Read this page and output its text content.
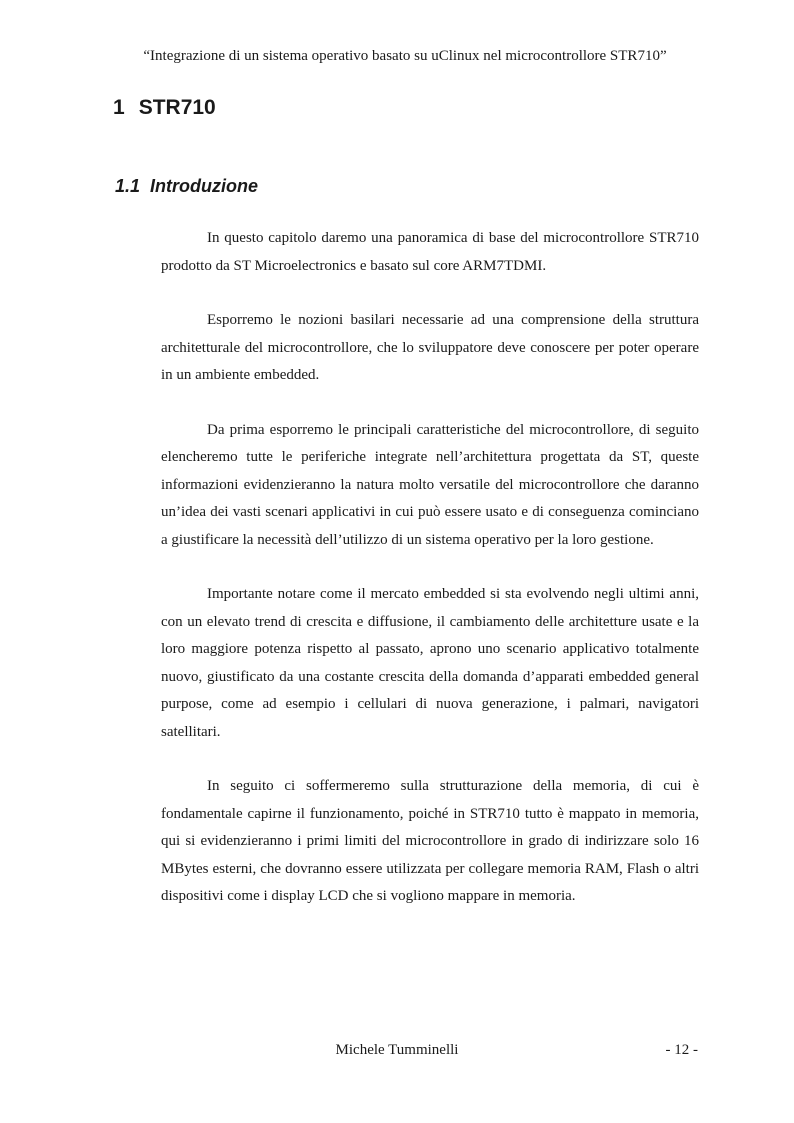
“Integrazione di un sistema operativo basato su uClinux nel microcontrollore STR710”
1 STR710
1.1 Introduzione

In questo capitolo daremo una panoramica di base del microcontrollore STR710 prodotto da ST Microelectronics e basato sul core ARM7TDMI.

Esporremo le nozioni basilari necessarie ad una comprensione della struttura architetturale del microcontrollore, che lo sviluppatore deve conoscere per poter operare in un ambiente embedded.

Da prima esporremo le principali caratteristiche del microcontrollore, di seguito elencheremo tutte le periferiche integrate nell’architettura progettata da ST, queste informazioni evidenzieranno la natura molto versatile del microcontrollore che daranno un’idea dei vasti scenari applicativi in cui può essere usato e di conseguenza cominciano a giustificare la necessità dell’utilizzo di un sistema operativo per la loro gestione.

Importante notare come il mercato embedded si sta evolvendo negli ultimi anni, con un elevato trend di crescita e diffusione, il cambiamento delle architetture usate e la loro maggiore potenza rispetto al passato, aprono uno scenario applicativo totalmente nuovo, giustificato da una costante crescita della domanda d’apparati embedded general purpose, come ad esempio i cellulari di nuova generazione, i palmari, navigatori satellitari.

In seguito ci soffermeremo sulla strutturazione della memoria, di cui è fondamentale capirne il funzionamento, poiché in STR710 tutto è mappato in memoria, qui si evidenzieranno i primi limiti del microcontrollore in grado di indirizzare solo 16 MBytes esterni, che dovranno essere utilizzata per collegare memoria RAM, Flash o altri dispositivi come i display LCD che si vogliono mappare in memoria.

Michele Tumminelli	- 12 -
